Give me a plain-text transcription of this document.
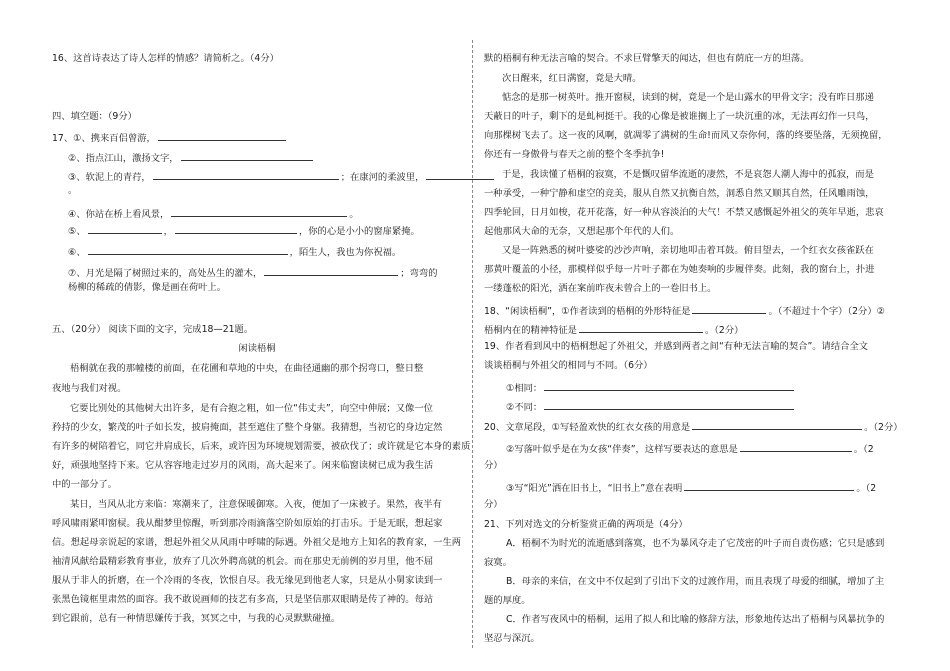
16、这首诗表达了诗人怎样的情感？请简析之。（4分）
四、填空题：（9分）
17、①、携来百侣曾游，
②、指点江山，激扬文字，
③、软泥上的青荇，	；在康河的柔波里，
。
④、你站在桥上看风景，	。
⑤、	，	，你的心是小小的窗扉紧掩。
⑥、	，陌生人，我也为你祝福。
⑦、月光是隔了树照过来的，高处丛生的灌木，	；弯弯的
杨柳的稀疏的倩影，像是画在荷叶上。
五、（20分） 阅读下面的文字，完成18—21题。
闲读梧桐
梧桐就在我的那幢楼的前面，在花圃和草地的中央，在曲径通幽的那个拐弯口，整日整
夜地与我们对视。
它要比别处的其他树大出许多，是有合抱之粗，如一位“伟丈夫”，向空中伸展；又像一位
矜持的少女，繁茂的叶子如长发，披肩掩面，甚至遮住了整个身躯。我猜想，当初它的身边定然
有许多的树陪着它，同它并肩成长，后来，或许因为环境规划需要，被砍伐了；或许就是它本身的素质
好，顽强地坚持下来。它从容容地走过岁月的风雨，高大起来了。闲来临窗读树已成为我生活
中的一部分了。
某日，当风从北方来临：寒潮来了，注意保暖御寒。入夜，便加了一床被子。果然，夜半有
呼风啸雨紧叩窗棂。我从酣梦里惊醒，听到那冷雨滴落空阶如原始的打击乐。于是无眠，想起家
信。想起母亲说起的家谱，想起外祖父从风雨中呼啸的际遇。外祖父是地方上知名的教育家，一生两
袖清风献给最精彩教育事业，放弃了几次外聘高就的机会。而在那史无前例的岁月里，他不屈
服从于非人的折磨，在一个冷雨的冬夜，饮恨自尽。我无缘见到他老人家，只是从小舅家读到一
张黑色镜框里肃然的面容。我不敢说画师的技艺有多高，只是坚信那双眼睛是传了神的。每站
到它跟前，总有一种情思嫌传于我，冥冥之中，与我的心灵默默碰撞。
默的梧桐有种无法言喻的契合。不求巨臂擎天的闻达，但也有荫庇一方的坦荡。
次日醒来，红日满窗，竟是大晴。
惦念的是那一树英叶。推开窗棂，读到的树，竟是一个是山露水的甲骨文字；没有昨日那递
天蔽日的叶子，剩下的是虬柯挺干。我的心像是被谁搁上了一块沉重的冰，无法再幻作一只鸟，
向那棵树飞去了。这一夜的风啊，就凋零了满树的生命!而风又奈你何，落的终要坠落，无须挽留，
你还有一身傲骨与春天之前的整个冬季抗争!
于是，我读懂了梧桐的寂寞，不是慨叹留华流逝的凄然，不是哀怨人潮人海中的孤寂，而是
一种承受，一种宁静和虚空的竞美，服从自然又抗衡自然，洞悉自然又顺其自然，任风雕雨蚀，
四季轮回，日月如梭，花开花落，好一种从容淡泊的大气！不禁又感慨起外祖父的英年早逝，悲哀
起他那风大命的无奈，又想起那个年代的人们。
又是一阵熟悉的树叶婆娑的沙沙声响，亲切地叩击着耳鼓。俯目望去，一个红衣女孩雀跃在
那黄叶覆盖的小径，那模样似乎每一片叶子都在为她奏响的步履伴奏。此刻，我的窗台上，扑进
一缕蓬松的阳光，洒在案前昨夜未曾合上的一卷旧书上。
18、“闲读梧桐”，①作者读到的梧桐的外形特征是	。（不超过十个字）（2分）②
梧桐内在的精神特征是	。（2分）
19、作者看到风中的梧桐想起了外祖父，并感到两者之间“有种无法言喻的契合”。请结合全文
谈谈梧桐与外祖父的相同与不同。（6分）
①相同：
②不同：
20、文章尾段，①写轻盈欢快的红衣女孩的用意是	。（2分）
②写落叶似乎是在为女孩“伴奏”，这样写要表达的意思是	。（2
分）
③写“阳光”洒在旧书上，“旧书上”意在表明	。（2
分）
21、下列对选文的分析鉴赏正确的两项是（4分）
A．梧桐不为时光的流逝感到落寞，也不为暴风夺走了它茂密的叶子而自责伤感；它只是感到
寂寞。
B．母亲的来信，在文中不仅起到了引出下文的过渡作用，而且表现了母爱的细腻，增加了主
题的厚度。
C．作者写夜风中的梧桐，运用了拟人和比喻的修辞方法，形象地传达出了梧桐与风暴抗争的
坚忍与深沉。
